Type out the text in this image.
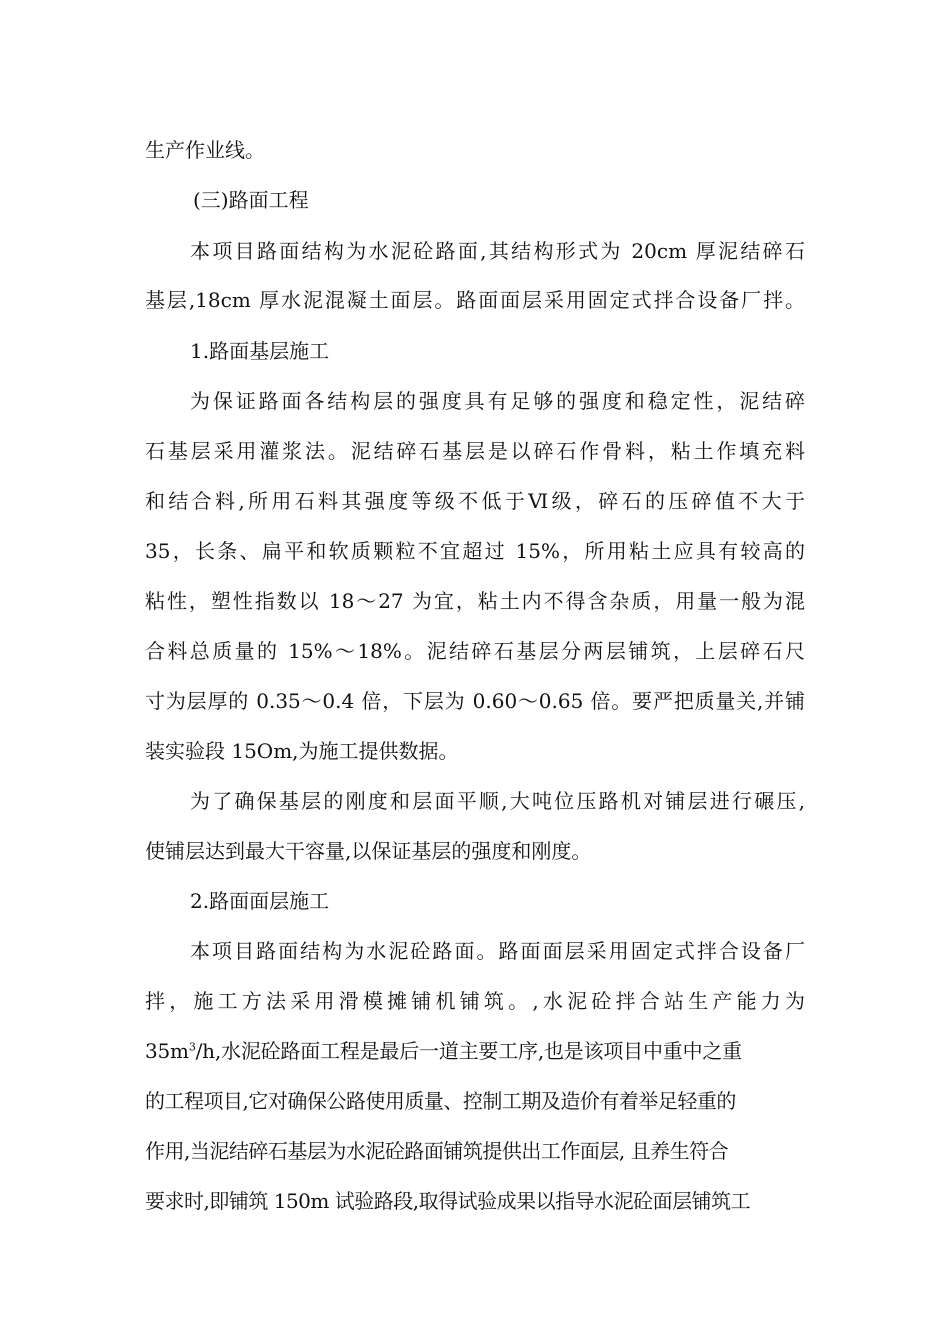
生产作业线。
(三)路面工程
本项目路面结构为水泥砼路面,其结构形式为 20cm 厚泥结碎石
基层,18cm 厚水泥混凝土面层。路面面层采用固定式拌合设备厂拌。
1.路面基层施工
为保证路面各结构层的强度具有足够的强度和稳定性，泥结碎
石基层采用灌浆法。泥结碎石基层是以碎石作骨料，粘土作填充料
和结合料,所用石料其强度等级不低于Ⅵ级，碎石的压碎值不大于
35，长条、扁平和软质颗粒不宜超过 15%，所用粘土应具有较高的
粘性，塑性指数以 18～27 为宜，粘土内不得含杂质，用量一般为混
合料总质量的 15%～18%。泥结碎石基层分两层铺筑，上层碎石尺
寸为层厚的 0.35～0.4 倍，下层为 0.60～0.65 倍。要严把质量关,并铺
装实验段 15Om,为施工提供数据。
为了确保基层的刚度和层面平顺,大吨位压路机对铺层进行碾压,
使铺层达到最大干容量,以保证基层的强度和刚度。
2.路面面层施工
本项目路面结构为水泥砼路面。路面面层采用固定式拌合设备厂
拌，施工方法采用滑模摊铺机铺筑。,水泥砼拌合站生产能力为
$35m^3/h$,水泥砼路面工程是最后一道主要工序,也是该项目中重中之重
的工程项目,它对确保公路使用质量、控制工期及造价有着举足轻重的
作用,当泥结碎石基层为水泥砼路面铺筑提供出工作面层, 且养生符合
要求时,即铺筑 150m 试验路段,取得试验成果以指导水泥砼面层铺筑工
